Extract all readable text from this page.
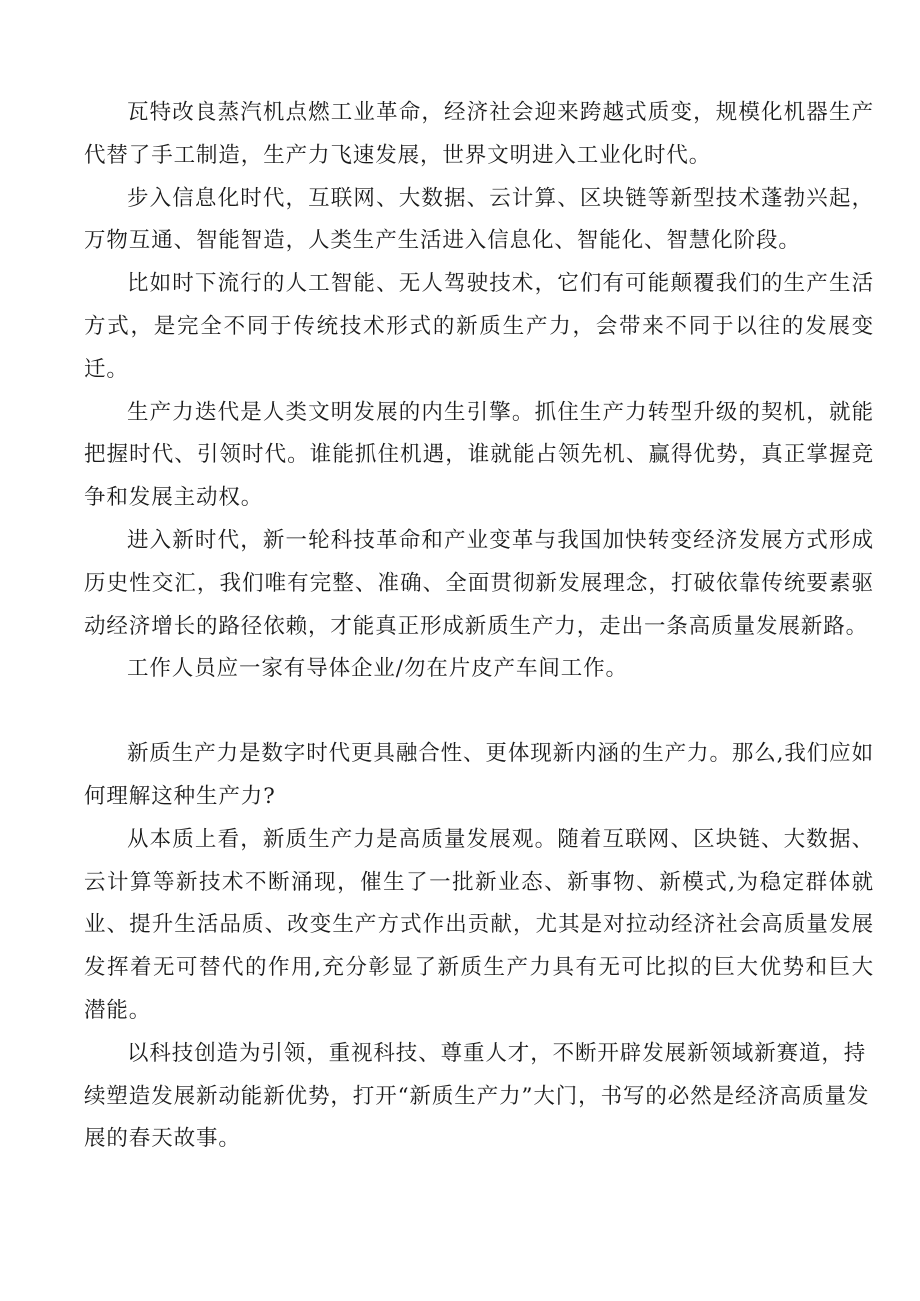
瓦特改良蒸汽机点燃工业革命，经济社会迎来跨越式质变，规模化机器生产代替了手工制造，生产力飞速发展，世界文明进入工业化时代。

步入信息化时代，互联网、大数据、云计算、区块链等新型技术蓬勃兴起，万物互通、智能智造，人类生产生活进入信息化、智能化、智慧化阶段。

比如时下流行的人工智能、无人驾驶技术，它们有可能颠覆我们的生产生活方式，是完全不同于传统技术形式的新质生产力，会带来不同于以往的发展变迁。

生产力迭代是人类文明发展的内生引擎。抓住生产力转型升级的契机，就能把握时代、引领时代。谁能抓住机遇，谁就能占领先机、赢得优势，真正掌握竞争和发展主动权。

进入新时代，新一轮科技革命和产业变革与我国加快转变经济发展方式形成历史性交汇，我们唯有完整、准确、全面贯彻新发展理念，打破依靠传统要素驱动经济增长的路径依赖，才能真正形成新质生产力，走出一条高质量发展新路。

工作人员应一家有导体企业/勿在片皮产车间工作。

新质生产力是数字时代更具融合性、更体现新内涵的生产力。那么,我们应如何理解这种生产力?

从本质上看，新质生产力是高质量发展观。随着互联网、区块链、大数据、云计算等新技术不断涌现，催生了一批新业态、新事物、新模式,为稳定群体就业、提升生活品质、改变生产方式作出贡献，尤其是对拉动经济社会高质量发展发挥着无可替代的作用,充分彰显了新质生产力具有无可比拟的巨大优势和巨大潜能。

以科技创造为引领，重视科技、尊重人才，不断开辟发展新领域新赛道，持续塑造发展新动能新优势，打开“新质生产力”大门，书写的必然是经济高质量发展的春天故事。
